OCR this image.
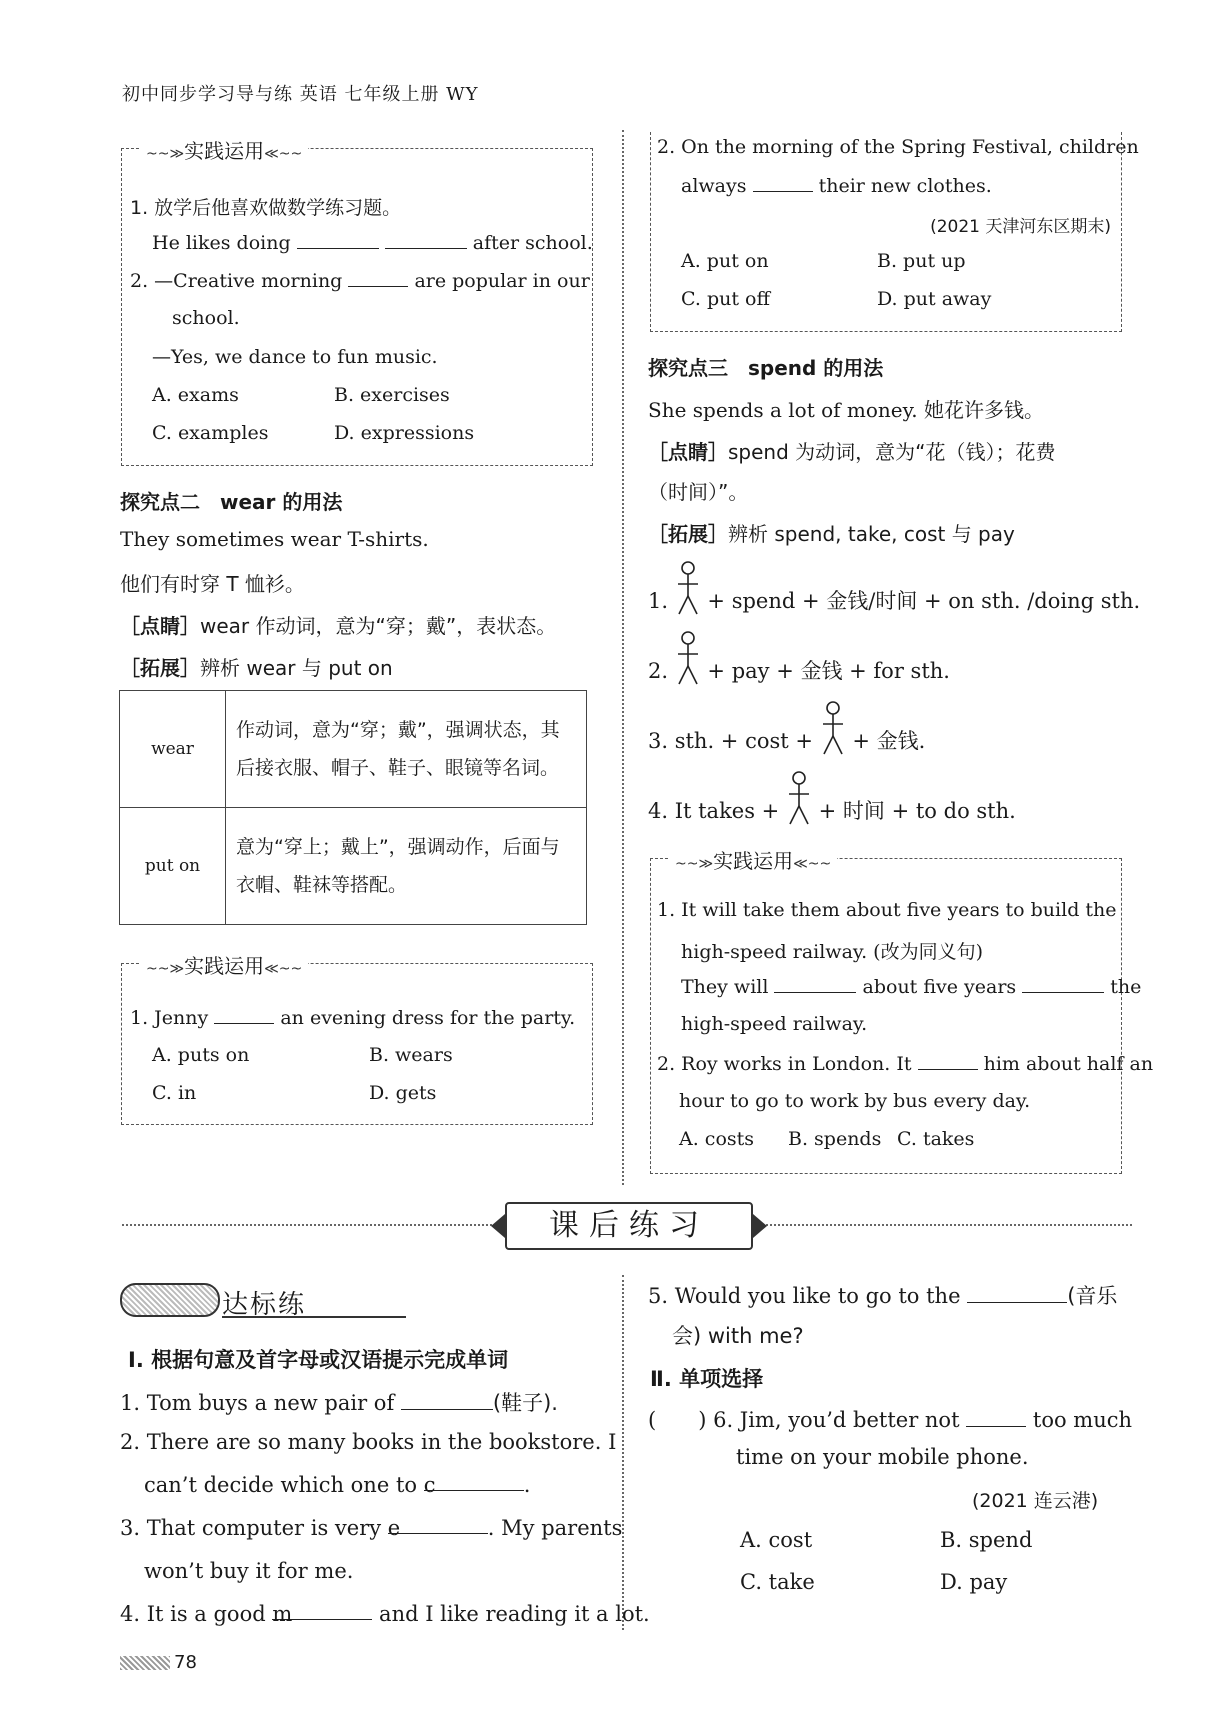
初中同步学习导与练 英语 七年级上册 WY
~~≫实践运用≪~~
1. 放学后他喜欢做数学练习题。
He likes doing	after school.
2. —Creative morning	are popular in our
school.
—Yes, we dance to fun music.
A. exams	B. exercises
C. examples	D. expressions
探究点二　wear 的用法
They sometimes wear T-shirts.
他们有时穿 T 恤衫。
［点睛］wear 作动词，意为“穿；戴”，表状态。
［拓展］辨析 wear 与 put on
wear	作动词，意为“穿；戴”，强调状态，其
后接衣服、帽子、鞋子、眼镜等名词。

put on	意为“穿上；戴上”，强调动作，后面与
衣帽、鞋袜等搭配。
~~≫实践运用≪~~
1. Jenny	an evening dress for the party.
A. puts on	B. wears
C. in	D. gets
2. On the morning of the Spring Festival, children
always	their new clothes.
(2021 天津河东区期末)
A. put on	B. put up
C. put off	D. put away
探究点三　spend 的用法
She spends a lot of money. 她花许多钱。
［点睛］spend 为动词，意为“花（钱）；花费
（时间）”。
［拓展］辨析 spend, take, cost 与 pay
1. + spend + 金钱/时间 + on sth. /doing sth.
2. + pay + 金钱 + for sth.
3. sth. + cost + + 金钱.
4. It takes + + 时间 + to do sth.
~~≫实践运用≪~~
1. It will take them about five years to build the
high-speed railway. (改为同义句)
They will	about five years	the
high-speed railway.
2. Roy works in London. It	him about half an
hour to go to work by bus every day.
A. costs B. spends C. takes
课后练习
达标练
Ⅰ. 根据句意及首字母或汉语提示完成单词
1. Tom buys a new pair of	(鞋子).
2. There are so many books in the bookstore. I
can’t decide which one to c	.
3. That computer is very e	. My parents
won’t buy it for me.
4. It is a good m	and I like reading it a lot.
5. Would you like to go to the	(音乐
会) with me?
Ⅱ. 单项选择
(　　) 6. Jim, you’d better not	too much
time on your mobile phone.
(2021 连云港)
A. cost	B. spend
C. take	D. pay
78
